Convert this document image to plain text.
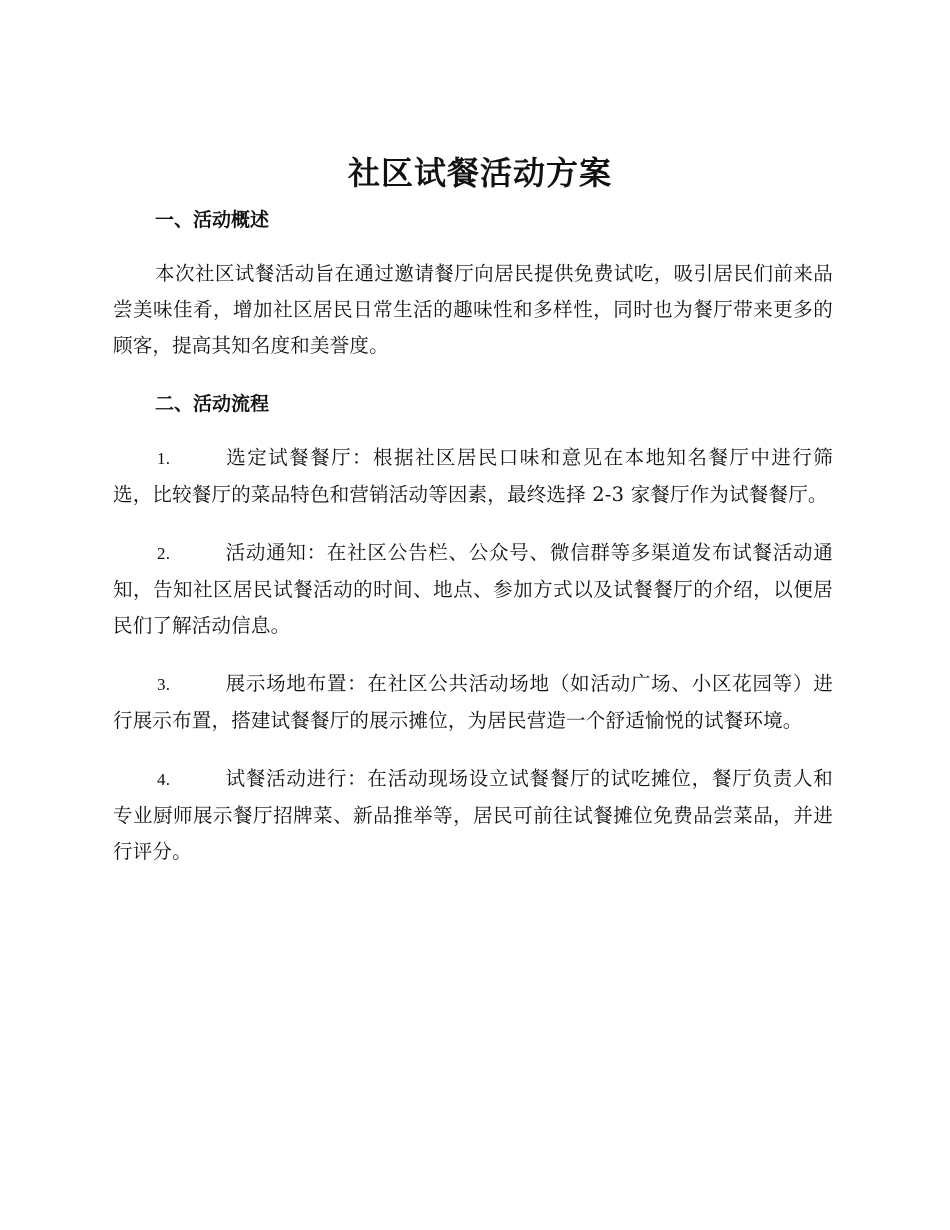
社区试餐活动方案
一、活动概述

本次社区试餐活动旨在通过邀请餐厅向居民提供免费试吃，吸引居民们前来品尝美味佳肴，增加社区居民日常生活的趣味性和多样性，同时也为餐厅带来更多的顾客，提高其知名度和美誉度。

二、活动流程
1.	选定试餐餐厅：根据社区居民口味和意见在本地知名餐厅中进行筛选，比较餐厅的菜品特色和营销活动等因素，最终选择 2-3 家餐厅作为试餐餐厅。
2.	活动通知：在社区公告栏、公众号、微信群等多渠道发布试餐活动通知，告知社区居民试餐活动的时间、地点、参加方式以及试餐餐厅的介绍，以便居民们了解活动信息。
3.	展示场地布置：在社区公共活动场地（如活动广场、小区花园等）进行展示布置，搭建试餐餐厅的展示摊位，为居民营造一个舒适愉悦的试餐环境。
4.	试餐活动进行：在活动现场设立试餐餐厅的试吃摊位，餐厅负责人和专业厨师展示餐厅招牌菜、新品推举等，居民可前往试餐摊位免费品尝菜品，并进行评分。
